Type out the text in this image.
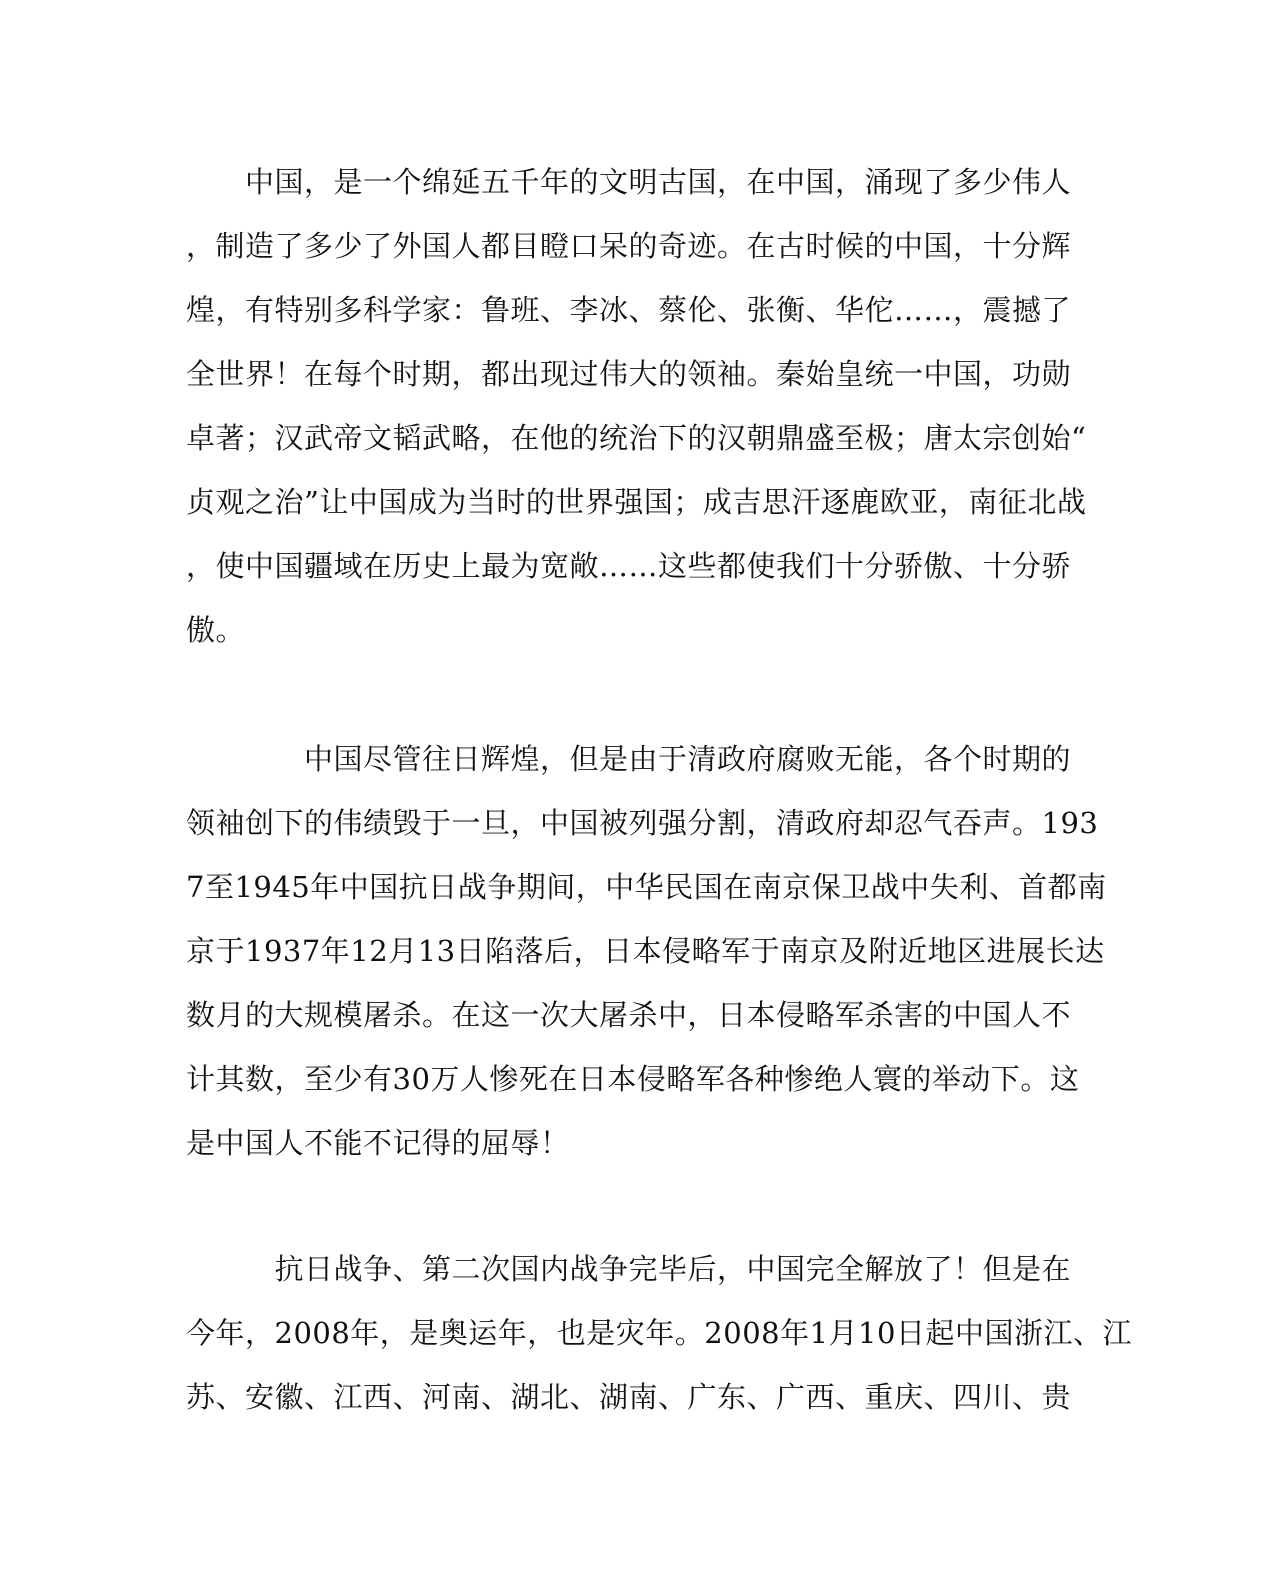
　　中国，是一个绵延五千年的文明古国，在中国，涌现了多少伟人
，制造了多少了外国人都目瞪口呆的奇迹。在古时候的中国，十分辉
煌，有特别多科学家：鲁班、李冰、蔡伦、张衡、华佗……，震撼了
全世界！在每个时期，都出现过伟大的领袖。秦始皇统一中国，功勋
卓著；汉武帝文韬武略，在他的统治下的汉朝鼎盛至极；唐太宗创始“
贞观之治”让中国成为当时的世界强国；成吉思汗逐鹿欧亚，南征北战
，使中国疆域在历史上最为宽敞……这些都使我们十分骄傲、十分骄
傲。
　　　　中国尽管往日辉煌，但是由于清政府腐败无能，各个时期的
领袖创下的伟绩毁于一旦，中国被列强分割，清政府却忍气吞声。193
7至1945年中国抗日战争期间，中华民国在南京保卫战中失利、首都南
京于1937年12月13日陷落后，日本侵略军于南京及附近地区进展长达
数月的大规模屠杀。在这一次大屠杀中，日本侵略军杀害的中国人不
计其数，至少有30万人惨死在日本侵略军各种惨绝人寰的举动下。这
是中国人不能不记得的屈辱！
　　　抗日战争、第二次国内战争完毕后，中国完全解放了！但是在
今年，2008年，是奥运年，也是灾年。2008年1月10日起中国浙江、江
苏、安徽、江西、河南、湖北、湖南、广东、广西、重庆、四川、贵
